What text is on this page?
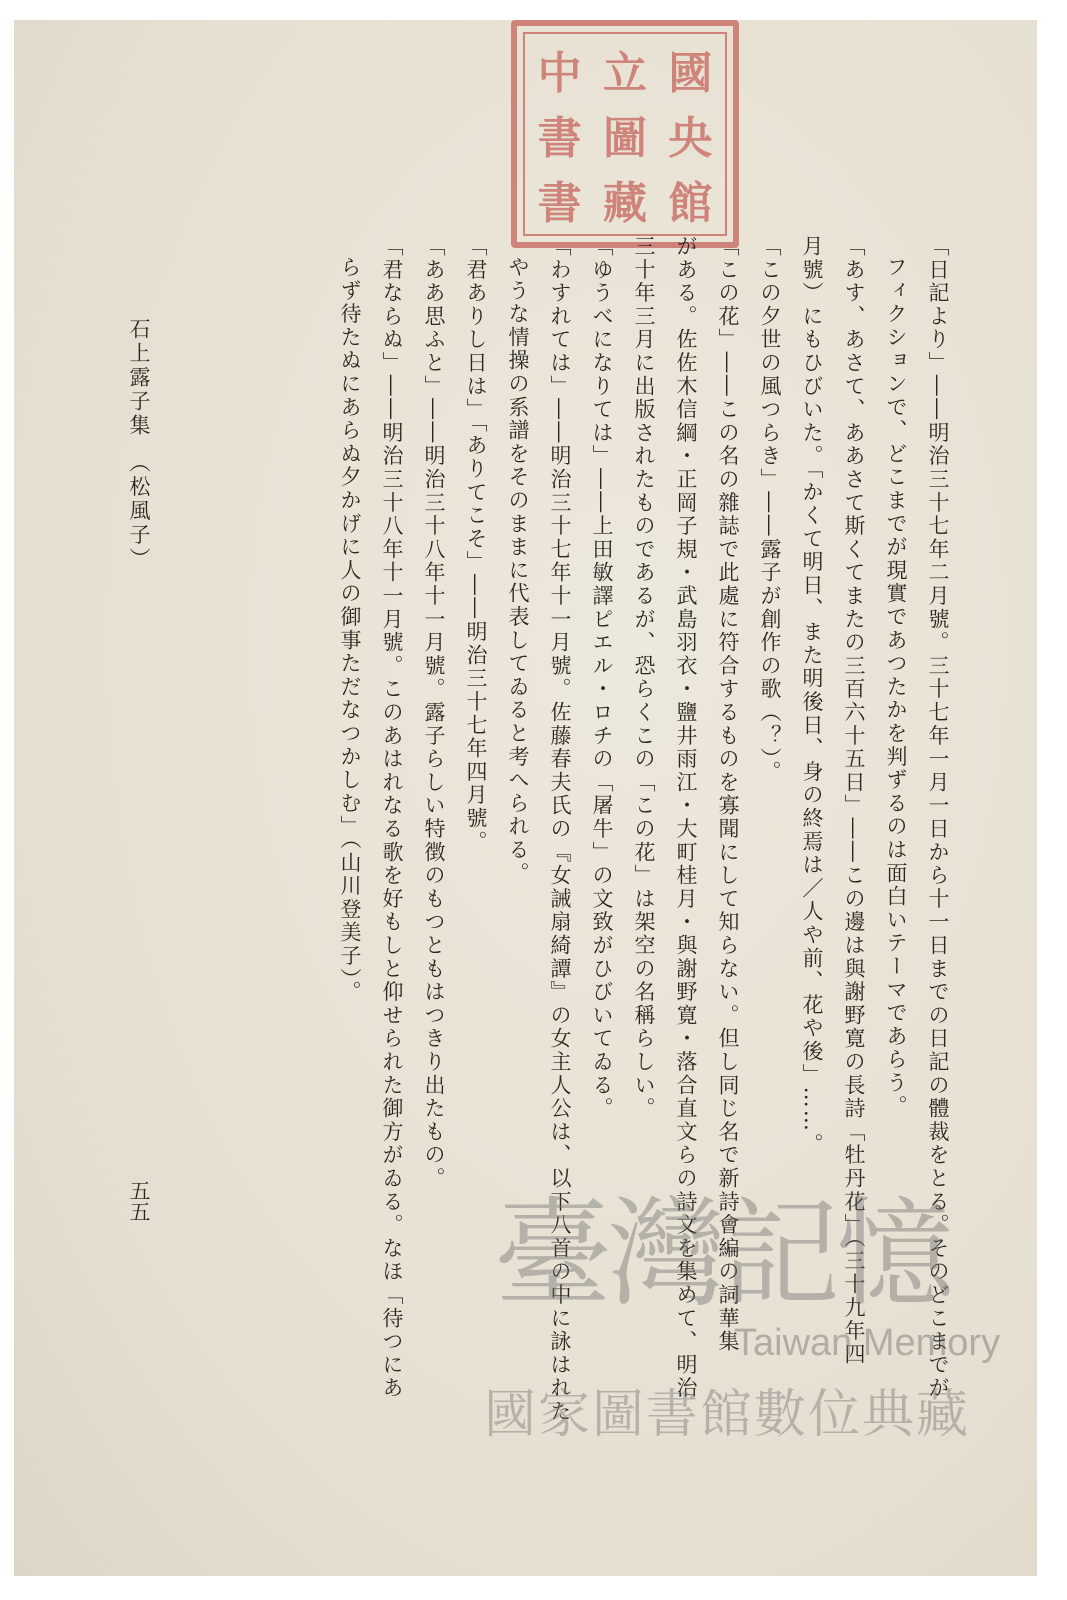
國
立
中
央
圖
書
館
藏
書
「日記より」――明治三十七年二月號。三十七年一月一日から十一日までの日記の體裁をとる。そのどこまでが
フィクションで、どこまでが現實であつたかを判ずるのは面白いテーマであらう。
「あす、あさて、ああさて斯くてまたの三百六十五日」――この邊は與謝野寛の長詩「牡丹花」（三十九年四
月號）にもひびいた。「かくて明日、また明後日、身の終焉は／人や前、花や後」……。
「この夕世の風つらき」――露子が創作の歌（？）。
「この花」――この名の雜誌で此處に符合するものを寡聞にして知らない。但し同じ名で新詩會編の詞華集
がある。佐佐木信綱・正岡子規・武島羽衣・鹽井雨江・大町桂月・與謝野寛・落合直文らの詩文を集めて、明治
三十年三月に出版されたものであるが、恐らくこの「この花」は架空の名稱らしい。
「ゆうべになりては」――上田敏譯ピエル・ロチの「屠牛」の文致がひびいてゐる。
「わすれては」――明治三十七年十一月號。佐藤春夫氏の『女誡扇綺譚』の女主人公は、以下八首の中に詠はれた
やうな情操の系譜をそのままに代表してゐると考へられる。
「君ありし日は」「ありてこそ」――明治三十七年四月號。
「ああ思ふと」――明治三十八年十一月號。露子らしい特徴のもつともはつきり出たもの。
「君ならぬ」――明治三十八年十一月號。このあはれなる歌を好もしと仰せられた御方がゐる。なほ「待つにあ
らず待たぬにあらぬ夕かげに人の御事ただなつかしむ」（山川登美子）。
石上露子集　（松風子）
五五	臺灣記憶
Taiwan Memory
國家圖書館數位典藏
